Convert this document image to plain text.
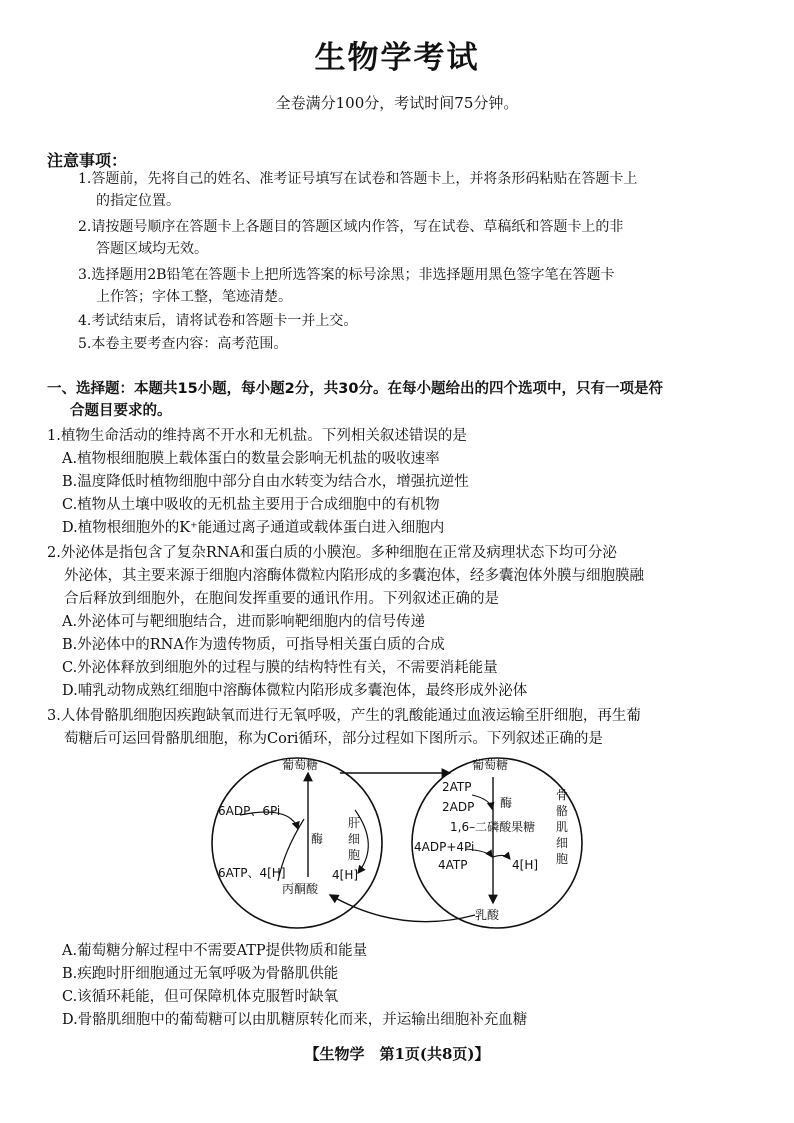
生物学考试
全卷满分100分，考试时间75分钟。
注意事项：
1.答题前，先将自己的姓名、准考证号填写在试卷和答题卡上，并将条形码粘贴在答题卡上
的指定位置。
2.请按题号顺序在答题卡上各题目的答题区域内作答，写在试卷、草稿纸和答题卡上的非
答题区域均无效。
3.选择题用2B铅笔在答题卡上把所选答案的标号涂黑；非选择题用黑色签字笔在答题卡
上作答；字体工整，笔迹清楚。
4.考试结束后，请将试卷和答题卡一并上交。
5.本卷主要考查内容：高考范围。
一、选择题：本题共15小题，每小题2分，共30分。在每小题给出的四个选项中，只有一项是符
合题目要求的。
1.植物生命活动的维持离不开水和无机盐。下列相关叙述错误的是
A.植物根细胞膜上载体蛋白的数量会影响无机盐的吸收速率
B.温度降低时植物细胞中部分自由水转变为结合水，增强抗逆性
C.植物从土壤中吸收的无机盐主要用于合成细胞中的有机物
D.植物根细胞外的K⁺能通过离子通道或载体蛋白进入细胞内
2.外泌体是指包含了复杂RNA和蛋白质的小膜泡。多种细胞在正常及病理状态下均可分泌
外泌体，其主要来源于细胞内溶酶体微粒内陷形成的多囊泡体，经多囊泡体外膜与细胞膜融
合后释放到细胞外，在胞间发挥重要的通讯作用。下列叙述正确的是
A.外泌体可与靶细胞结合，进而影响靶细胞内的信号传递
B.外泌体中的RNA作为遗传物质，可指导相关蛋白质的合成
C.外泌体释放到细胞外的过程与膜的结构特性有关，不需要消耗能量
D.哺乳动物成熟红细胞中溶酶体微粒内陷形成多囊泡体，最终形成外泌体
3.人体骨骼肌细胞因疾跑缺氧而进行无氧呼吸，产生的乳酸能通过血液运输至肝细胞，再生葡
萄糖后可运回骨骼肌细胞，称为Cori循环，部分过程如下图所示。下列叙述正确的是
葡萄糖
6ADP、6Pi
酶
6ATP、4[H]
丙酮酸
4[H]
肝
细
胞
葡萄糖
2ATP
2ADP 酶
1,6–二磷酸果糖
4ADP+4Pi
4ATP	4[H]
乳酸
骨
骼
肌
细
胞
A.葡萄糖分解过程中不需要ATP提供物质和能量
B.疾跑时肝细胞通过无氧呼吸为骨骼肌供能
C.该循环耗能，但可保障机体克服暂时缺氧
D.骨骼肌细胞中的葡萄糖可以由肌糖原转化而来，并运输出细胞补充血糖
【生物学　第1页(共8页)】
